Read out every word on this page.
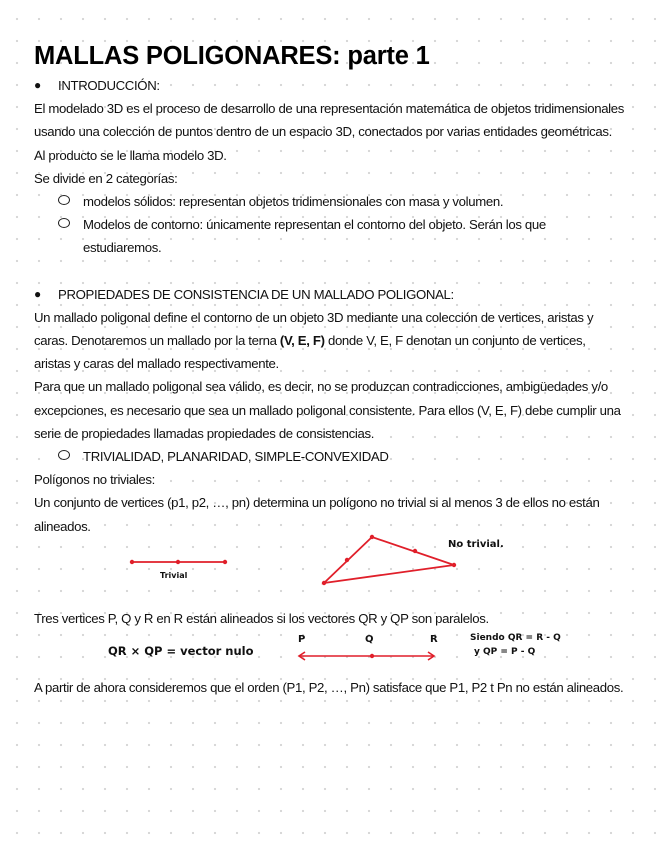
MALLAS POLIGONARES: parte 1
●	INTRODUCCIÓN:

El modelado 3D es el proceso de desarrollo de una representación matemática de objetos tridimensionales usando una colección de puntos dentro de un espacio 3D, conectados por varias entidades geométricas. Al producto se le llama modelo 3D.

Se divide en 2 categorías:

modelos sólidos: representan objetos tridimensionales con masa y volumen.
Modelos de contorno: únicamente representan el contorno del objeto. Serán los que estudiaremos.
●	PROPIEDADES DE CONSISTENCIA DE UN MALLADO POLIGONAL:

Un mallado poligonal define el contorno de un objeto 3D mediante una colección de vertices, aristas y caras. Denotaremos un mallado por la terna (V, E, F) donde V, E, F denotan un conjunto de vertices, aristas y caras del mallado respectivamente.

Para que un mallado poligonal sea válido, es decir, no se produzcan contradicciones, ambigüedades y/o excepciones, es necesario que sea un mallado poligonal consistente. Para ellos (V, E, F) debe cumplir una serie de propiedades llamadas propiedades de consistencias.

TRIVIALIDAD, PLANARIDAD, SIMPLE-CONVEXIDAD

Polígonos no triviales:

Un conjunto de vertices (p1, p2, …, pn) determina un polígono no trivial si al menos 3 de ellos no están alineados.

Trivial
No trivial.

Tres vertices P, Q y R en R están alineados si los vectores QR y QP son paralelos.

QR × QP = vector nulo
P	Q	R	Siendo QR = R - Q
y QP = P - Q

A partir de ahora consideremos que el orden (P1, P2, …, Pn) satisface que P1, P2 t Pn no están alineados.
